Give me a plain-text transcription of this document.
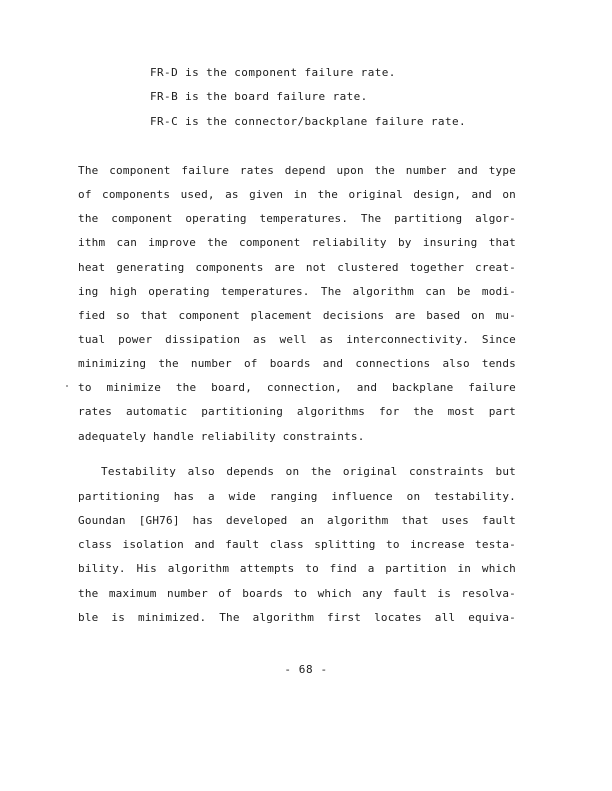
FR-D is the component failure rate.
FR-B is the board failure rate.
FR-C is the connector/backplane failure rate.
The component failure rates depend upon the number and type
of components used, as given in the original design, and on
the component operating temperatures. The partitiong algor-
ithm can improve the component reliability by insuring that
heat generating components are not clustered together creat-
ing high operating temperatures. The algorithm can be modi-
fied so that component placement decisions are based on mu-
tual power dissipation as well as interconnectivity. Since
minimizing the number of boards and connections also tends
to minimize the board, connection, and backplane failure
rates automatic partitioning algorithms for the most part
adequately handle reliability constraints.
Testability also depends on the original constraints but
partitioning has a wide ranging influence on testability.
Goundan [GH76] has developed an algorithm that uses fault
class isolation and fault class splitting to increase testa-
bility. His algorithm attempts to find a partition in which
the maximum number of boards to which any fault is resolva-
ble is minimized. The algorithm first locates all equiva-
- 68 -
